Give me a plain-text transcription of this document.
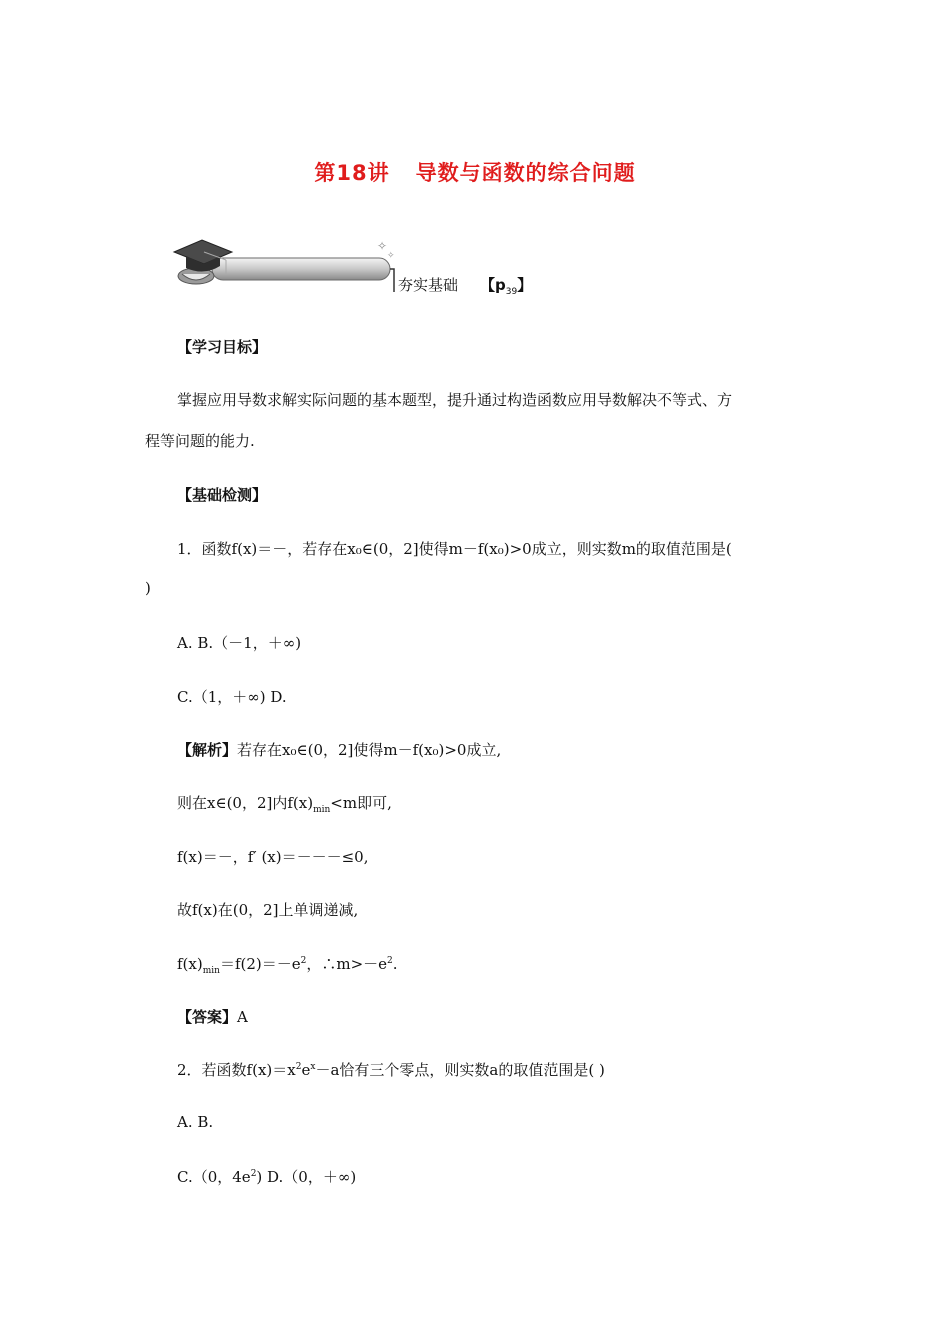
第18讲 导数与函数的综合问题
✧
✧
夯实基础 【$p_{39}$】
【学习目标】
掌握应用导数求解实际问题的基本题型，提升通过构造函数应用导数解决不等式、方
程等问题的能力.
【基础检测】
1．函数f(x)＝－，若存在x₀∈(0，2]使得m－f(x₀)>0成立，则实数m的取值范围是(
)
A. B.（－1，＋∞)
C.（1，＋∞) D.
【解析】若存在x₀∈(0，2]使得m－f(x₀)>0成立,
则在x∈(0，2]内$f(x)_{min}<m$即可,
f(x)＝－，f′ (x)＝－－－≤0,
故f(x)在(0，2]上单调递减,
$f(x)_{min}=f(2)=-e^2$，$\therefore m>-e^2$.
【答案】A
2．若函数$f(x)=x^2e^x-a$恰有三个零点，则实数a的取值范围是( )
A. B.
C.（0，$4e^2$) D.（0，＋∞)
